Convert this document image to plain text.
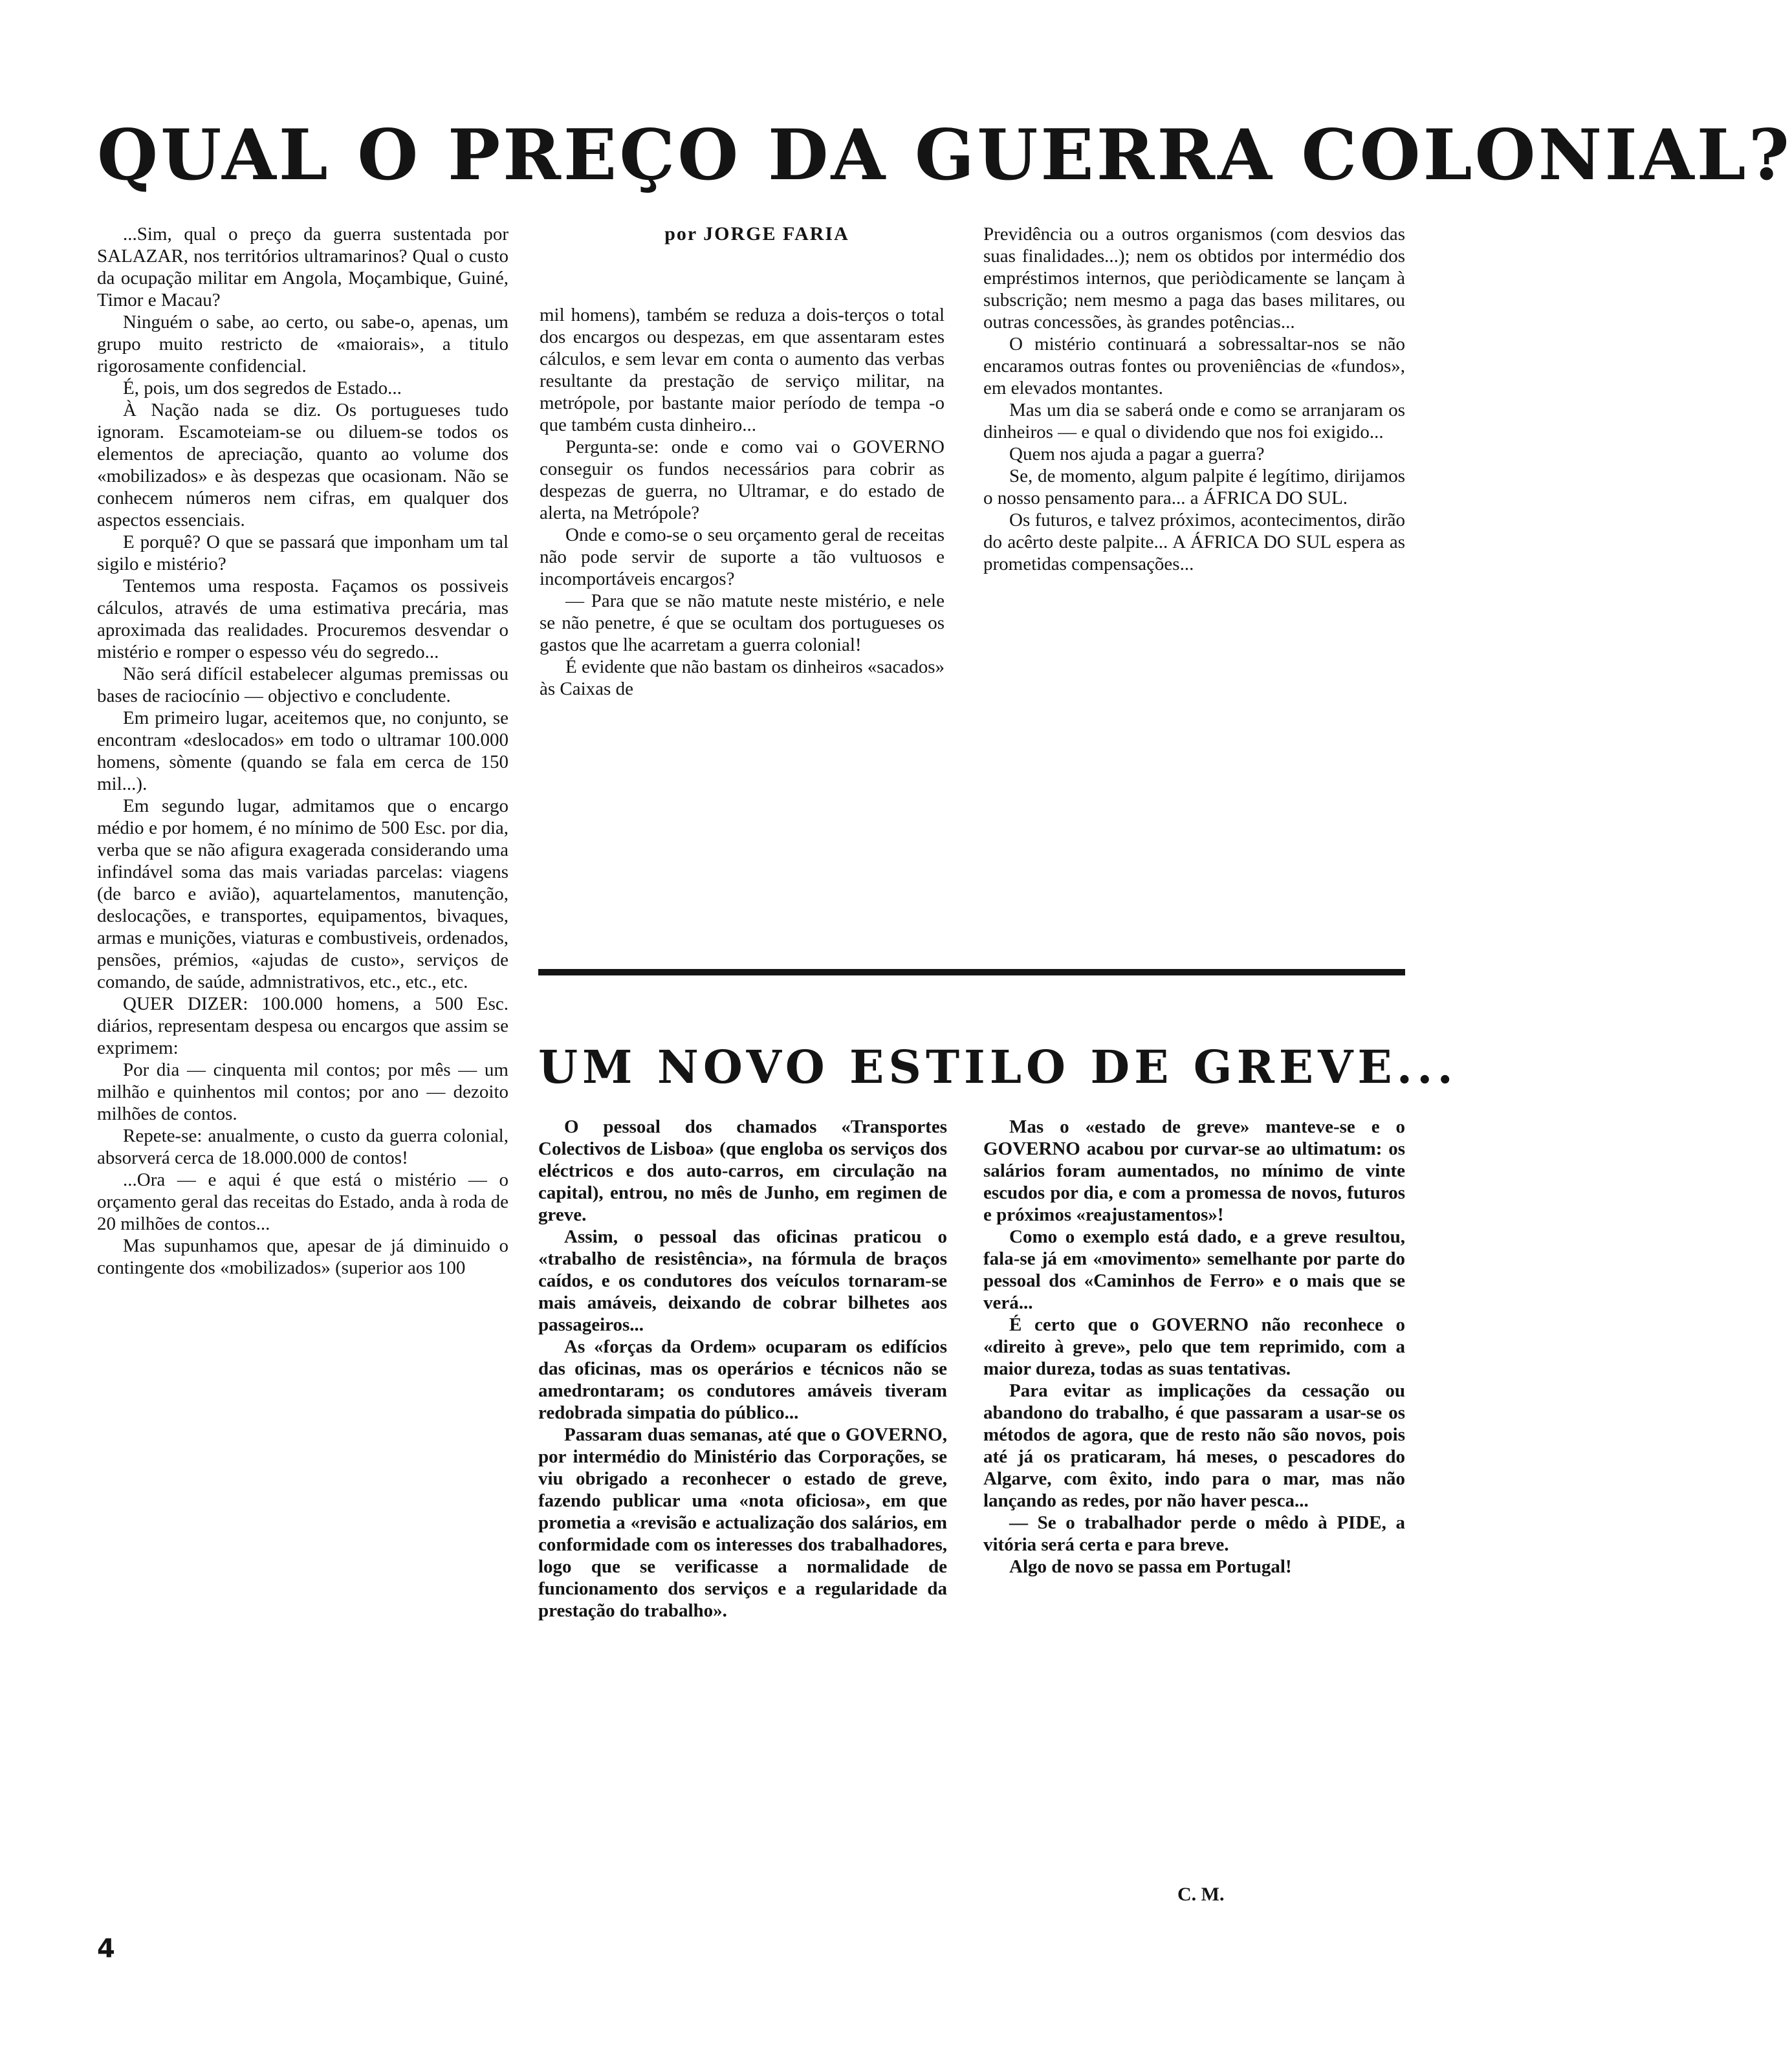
QUAL O PREÇO DA GUERRA COLONIAL?

por JORGE FARIA

...Sim, qual o preço da guerra sustentada por SALAZAR, nos territórios ultramarinos? Qual o custo da ocupação militar em Angola, Moçambique, Guiné, Timor e Macau?

Ninguém o sabe, ao certo, ou sabe-o, apenas, um grupo muito restricto de «maiorais», a titulo rigorosamente confidencial.

É, pois, um dos segredos de Estado...

À Nação nada se diz. Os portugueses tudo ignoram. Escamoteiam-se ou diluem-se todos os elementos de apreciação, quanto ao volume dos «mobilizados» e às despezas que ocasionam. Não se conhecem números nem cifras, em qualquer dos aspectos essenciais.

E porquê? O que se passará que imponham um tal sigilo e mistério?

Tentemos uma resposta. Façamos os possiveis cálculos, através de uma estimativa precária, mas aproximada das realidades. Procuremos desvendar o mistério e romper o espesso véu do segredo...

Não será difícil estabelecer algumas premissas ou bases de raciocínio — objectivo e concludente.

Em primeiro lugar, aceitemos que, no conjunto, se encontram «deslocados» em todo o ultramar 100.000 homens, sòmente (quando se fala em cerca de 150 mil...).

Em segundo lugar, admitamos que o encargo médio e por homem, é no mínimo de 500 Esc. por dia, verba que se não afigura exagerada considerando uma infindável soma das mais variadas parcelas: viagens (de barco e avião), aquartelamentos, manutenção, deslocações, e transportes, equipamentos, bivaques, armas e munições, viaturas e combustiveis, ordenados, pensões, prémios, «ajudas de custo», serviços de comando, de saúde, admnistrativos, etc., etc., etc.

QUER DIZER: 100.000 homens, a 500 Esc. diários, representam despesa ou encargos que assim se exprimem:

Por dia — cinquenta mil contos; por mês — um milhão e quinhentos mil contos; por ano — dezoito milhões de contos.

Repete-se: anualmente, o custo da guerra colonial, absorverá cerca de 18.000.000 de contos!

...Ora — e aqui é que está o mistério — o orçamento geral das receitas do Estado, anda à roda de 20 milhões de contos...

Mas supunhamos que, apesar de já diminuido o contingente dos «mobilizados» (superior aos 100

mil homens), também se reduza a dois-terços o total dos encargos ou despezas, em que assentaram estes cálculos, e sem levar em conta o aumento das verbas resultante da prestação de serviço militar, na metrópole, por bastante maior período de tempa -o que também custa dinheiro...

Pergunta-se: onde e como vai o GOVERNO conseguir os fundos necessários para cobrir as despezas de guerra, no Ultramar, e do estado de alerta, na Metrópole?

Onde e como-se o seu orçamento geral de receitas não pode servir de suporte a tão vultuosos e incomportáveis encargos?

— Para que se não matute neste mistério, e nele se não penetre, é que se ocultam dos portugueses os gastos que lhe acarretam a guerra colonial!

É evidente que não bastam os dinheiros «sacados» às Caixas de

Previdência ou a outros organismos (com desvios das suas finalidades...); nem os obtidos por intermédio dos empréstimos internos, que periòdicamente se lançam à subscrição; nem mesmo a paga das bases militares, ou outras concessões, às grandes potências...

O mistério continuará a sobressaltar-nos se não encaramos outras fontes ou proveniências de «fundos», em elevados montantes.

Mas um dia se saberá onde e como se arranjaram os dinheiros — e qual o dividendo que nos foi exigido...

Quem nos ajuda a pagar a guerra?

Se, de momento, algum palpite é legítimo, dirijamos o nosso pensamento para... a ÁFRICA DO SUL.

Os futuros, e talvez próximos, acontecimentos, dirão do acêrto deste palpite... A ÁFRICA DO SUL espera as prometidas compensações...

UM NOVO ESTILO DE GREVE...

O pessoal dos chamados «Transportes Colectivos de Lisboa» (que engloba os serviços dos eléctricos e dos auto-carros, em circulação na capital), entrou, no mês de Junho, em regimen de greve.

Assim, o pessoal das oficinas praticou o «trabalho de resistência», na fórmula de braços caídos, e os condutores dos veículos tornaram-se mais amáveis, deixando de cobrar bilhetes aos passageiros...

As «forças da Ordem» ocuparam os edifícios das oficinas, mas os operários e técnicos não se amedrontaram; os condutores amáveis tiveram redobrada simpatia do público...

Passaram duas semanas, até que o GOVERNO, por intermédio do Ministério das Corporações, se viu obrigado a reconhecer o estado de greve, fazendo publicar uma «nota oficiosa», em que prometia a «revisão e actualização dos salários, em conformidade com os interesses dos trabalhadores, logo que se verificasse a normalidade de funcionamento dos serviços e a regularidade da prestação do trabalho».

Mas o «estado de greve» manteve-se e o GOVERNO acabou por curvar-se ao ultimatum: os salários foram aumentados, no mínimo de vinte escudos por dia, e com a promessa de novos, futuros e próximos «reajustamentos»!

Como o exemplo está dado, e a greve resultou, fala-se já em «movimento» semelhante por parte do pessoal dos «Caminhos de Ferro» e o mais que se verá...

É certo que o GOVERNO não reconhece o «direito à greve», pelo que tem reprimido, com a maior dureza, todas as suas tentativas.

Para evitar as implicações da cessação ou abandono do trabalho, é que passaram a usar-se os métodos de agora, que de resto não são novos, pois até já os praticaram, há meses, o pescadores do Algarve, com êxito, indo para o mar, mas não lançando as redes, por não haver pesca...

— Se o trabalhador perde o mêdo à PIDE, a vitória será certa e para breve.

Algo de novo se passa em Portugal!

C. M.

4
